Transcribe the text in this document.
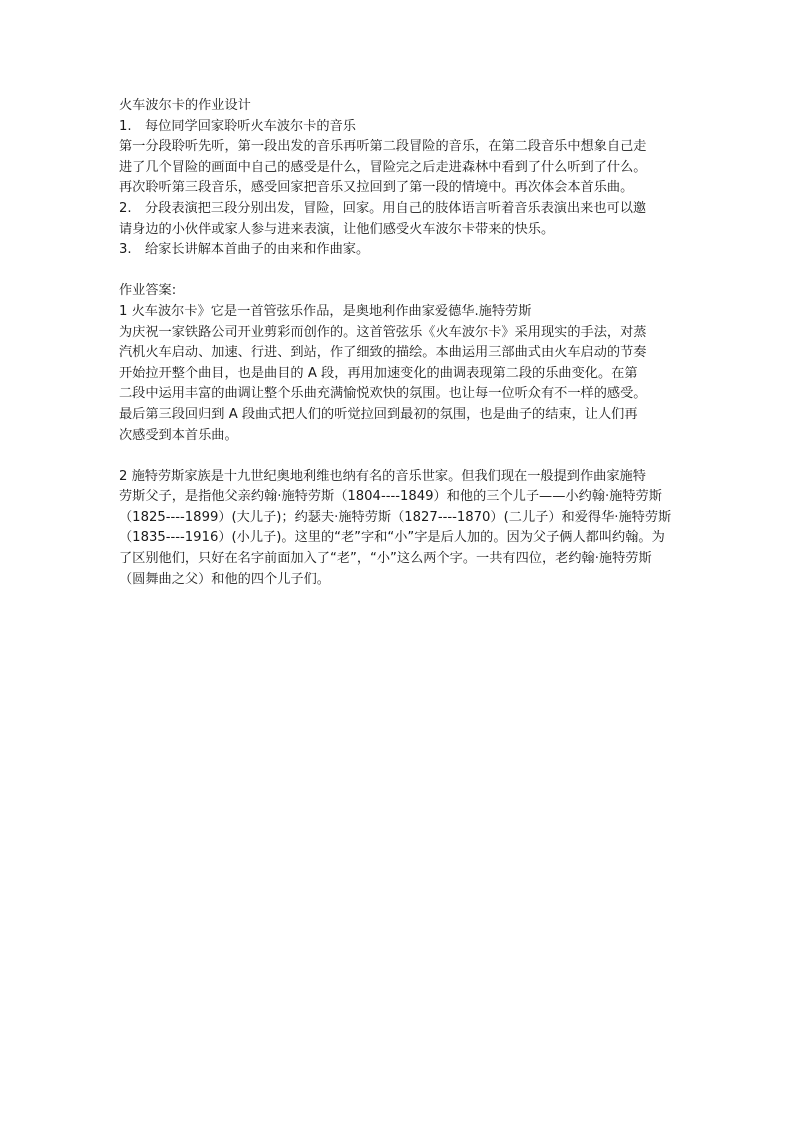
火车波尔卡的作业设计
1. 每位同学回家聆听火车波尔卡的音乐
第一分段聆听先听，第一段出发的音乐再听第二段冒险的音乐，在第二段音乐中想象自己走
进了几个冒险的画面中自己的感受是什么，冒险完之后走进森林中看到了什么听到了什么。
再次聆听第三段音乐，感受回家把音乐又拉回到了第一段的情境中。再次体会本首乐曲。
2. 分段表演把三段分别出发，冒险，回家。用自己的肢体语言听着音乐表演出来也可以邀
请身边的小伙伴或家人参与进来表演，让他们感受火车波尔卡带来的快乐。
3. 给家长讲解本首曲子的由来和作曲家。
作业答案:
1 火车波尔卡》它是一首管弦乐作品，是奥地利作曲家爱德华.施特劳斯
为庆祝一家铁路公司开业剪彩而创作的。这首管弦乐《火车波尔卡》采用现实的手法，对蒸
汽机火车启动、加速、行进、到站，作了细致的描绘。本曲运用三部曲式由火车启动的节奏
开始拉开整个曲目，也是曲目的 A 段，再用加速变化的曲调表现第二段的乐曲变化。在第
二段中运用丰富的曲调让整个乐曲充满愉悦欢快的氛围。也让每一位听众有不一样的感受。
最后第三段回归到 A 段曲式把人们的听觉拉回到最初的氛围，也是曲子的结束，让人们再
次感受到本首乐曲。
2 施特劳斯家族是十九世纪奥地利维也纳有名的音乐世家。但我们现在一般提到作曲家施特
劳斯父子，是指他父亲约翰·施特劳斯（1804----1849）和他的三个儿子——小约翰·施特劳斯
（1825----1899）(大儿子)；约瑟夫·施特劳斯（1827----1870）(二儿子）和爱得华·施特劳斯
（1835----1916）(小儿子)。这里的“老”字和“小”字是后人加的。因为父子俩人都叫约翰。为
了区别他们，只好在名字前面加入了“老”，“小”这么两个字。一共有四位，老约翰·施特劳斯
（圆舞曲之父）和他的四个儿子们。
